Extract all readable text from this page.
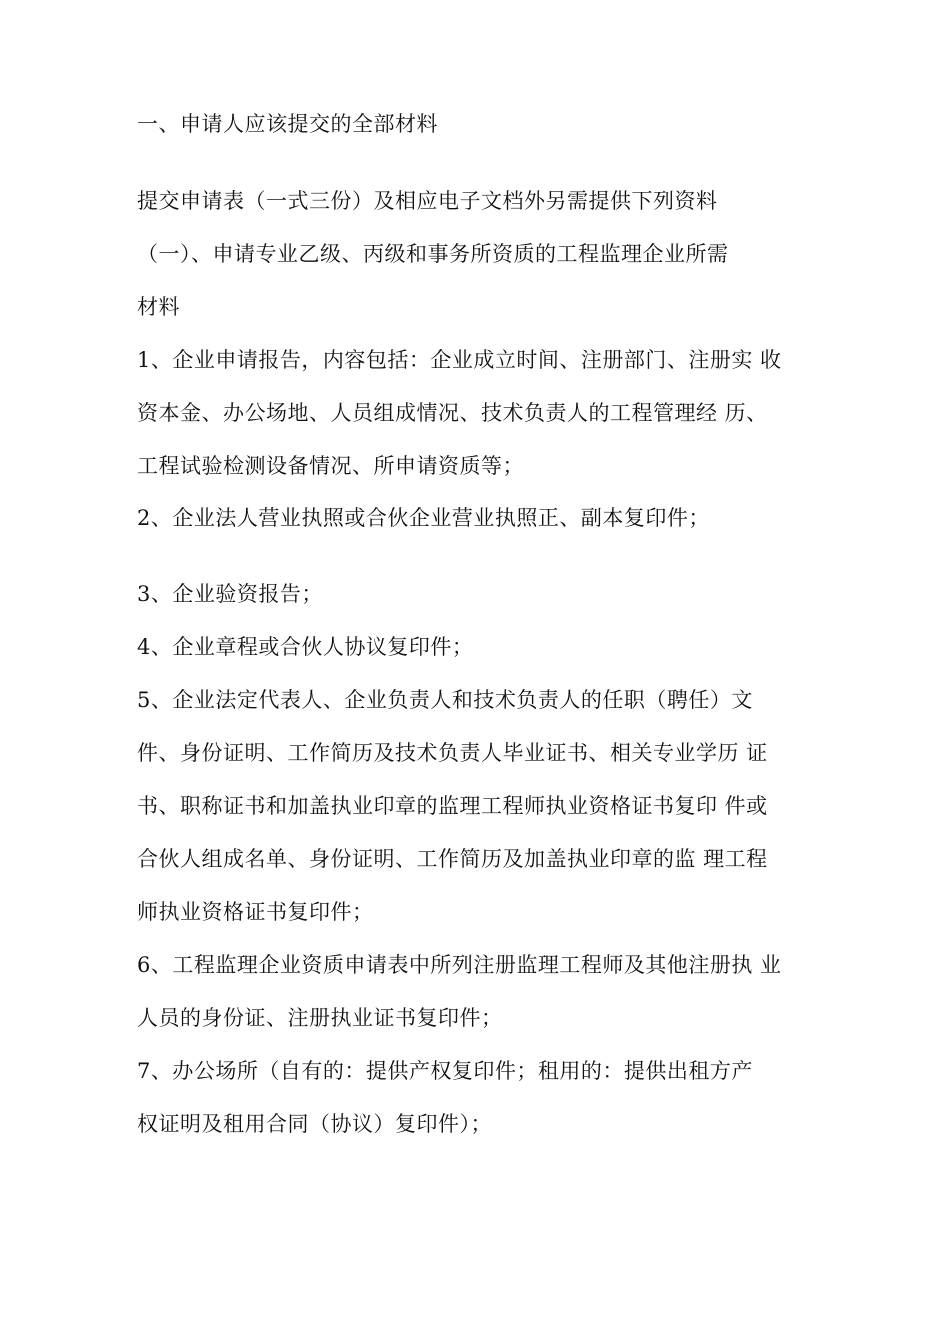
一、申请人应该提交的全部材料
提交申请表（一式三份）及相应电子文档外另需提供下列资料
（一）、申请专业乙级、丙级和事务所资质的工程监理企业所需
材料
1、企业申请报告，内容包括：企业成立时间、注册部门、注册实 收
资本金、办公场地、人员组成情况、技术负责人的工程管理经 历、
工程试验检测设备情况、所申请资质等；
2、企业法人营业执照或合伙企业营业执照正、副本复印件；
3、企业验资报告；
4、企业章程或合伙人协议复印件；
5、企业法定代表人、企业负责人和技术负责人的任职（聘任）文
件、身份证明、工作简历及技术负责人毕业证书、相关专业学历 证
书、职称证书和加盖执业印章的监理工程师执业资格证书复印 件或
合伙人组成名单、身份证明、工作简历及加盖执业印章的监 理工程
师执业资格证书复印件；
6、工程监理企业资质申请表中所列注册监理工程师及其他注册执 业
人员的身份证、注册执业证书复印件；
7、办公场所（自有的：提供产权复印件；租用的：提供出租方产
权证明及租用合同（协议）复印件）；
